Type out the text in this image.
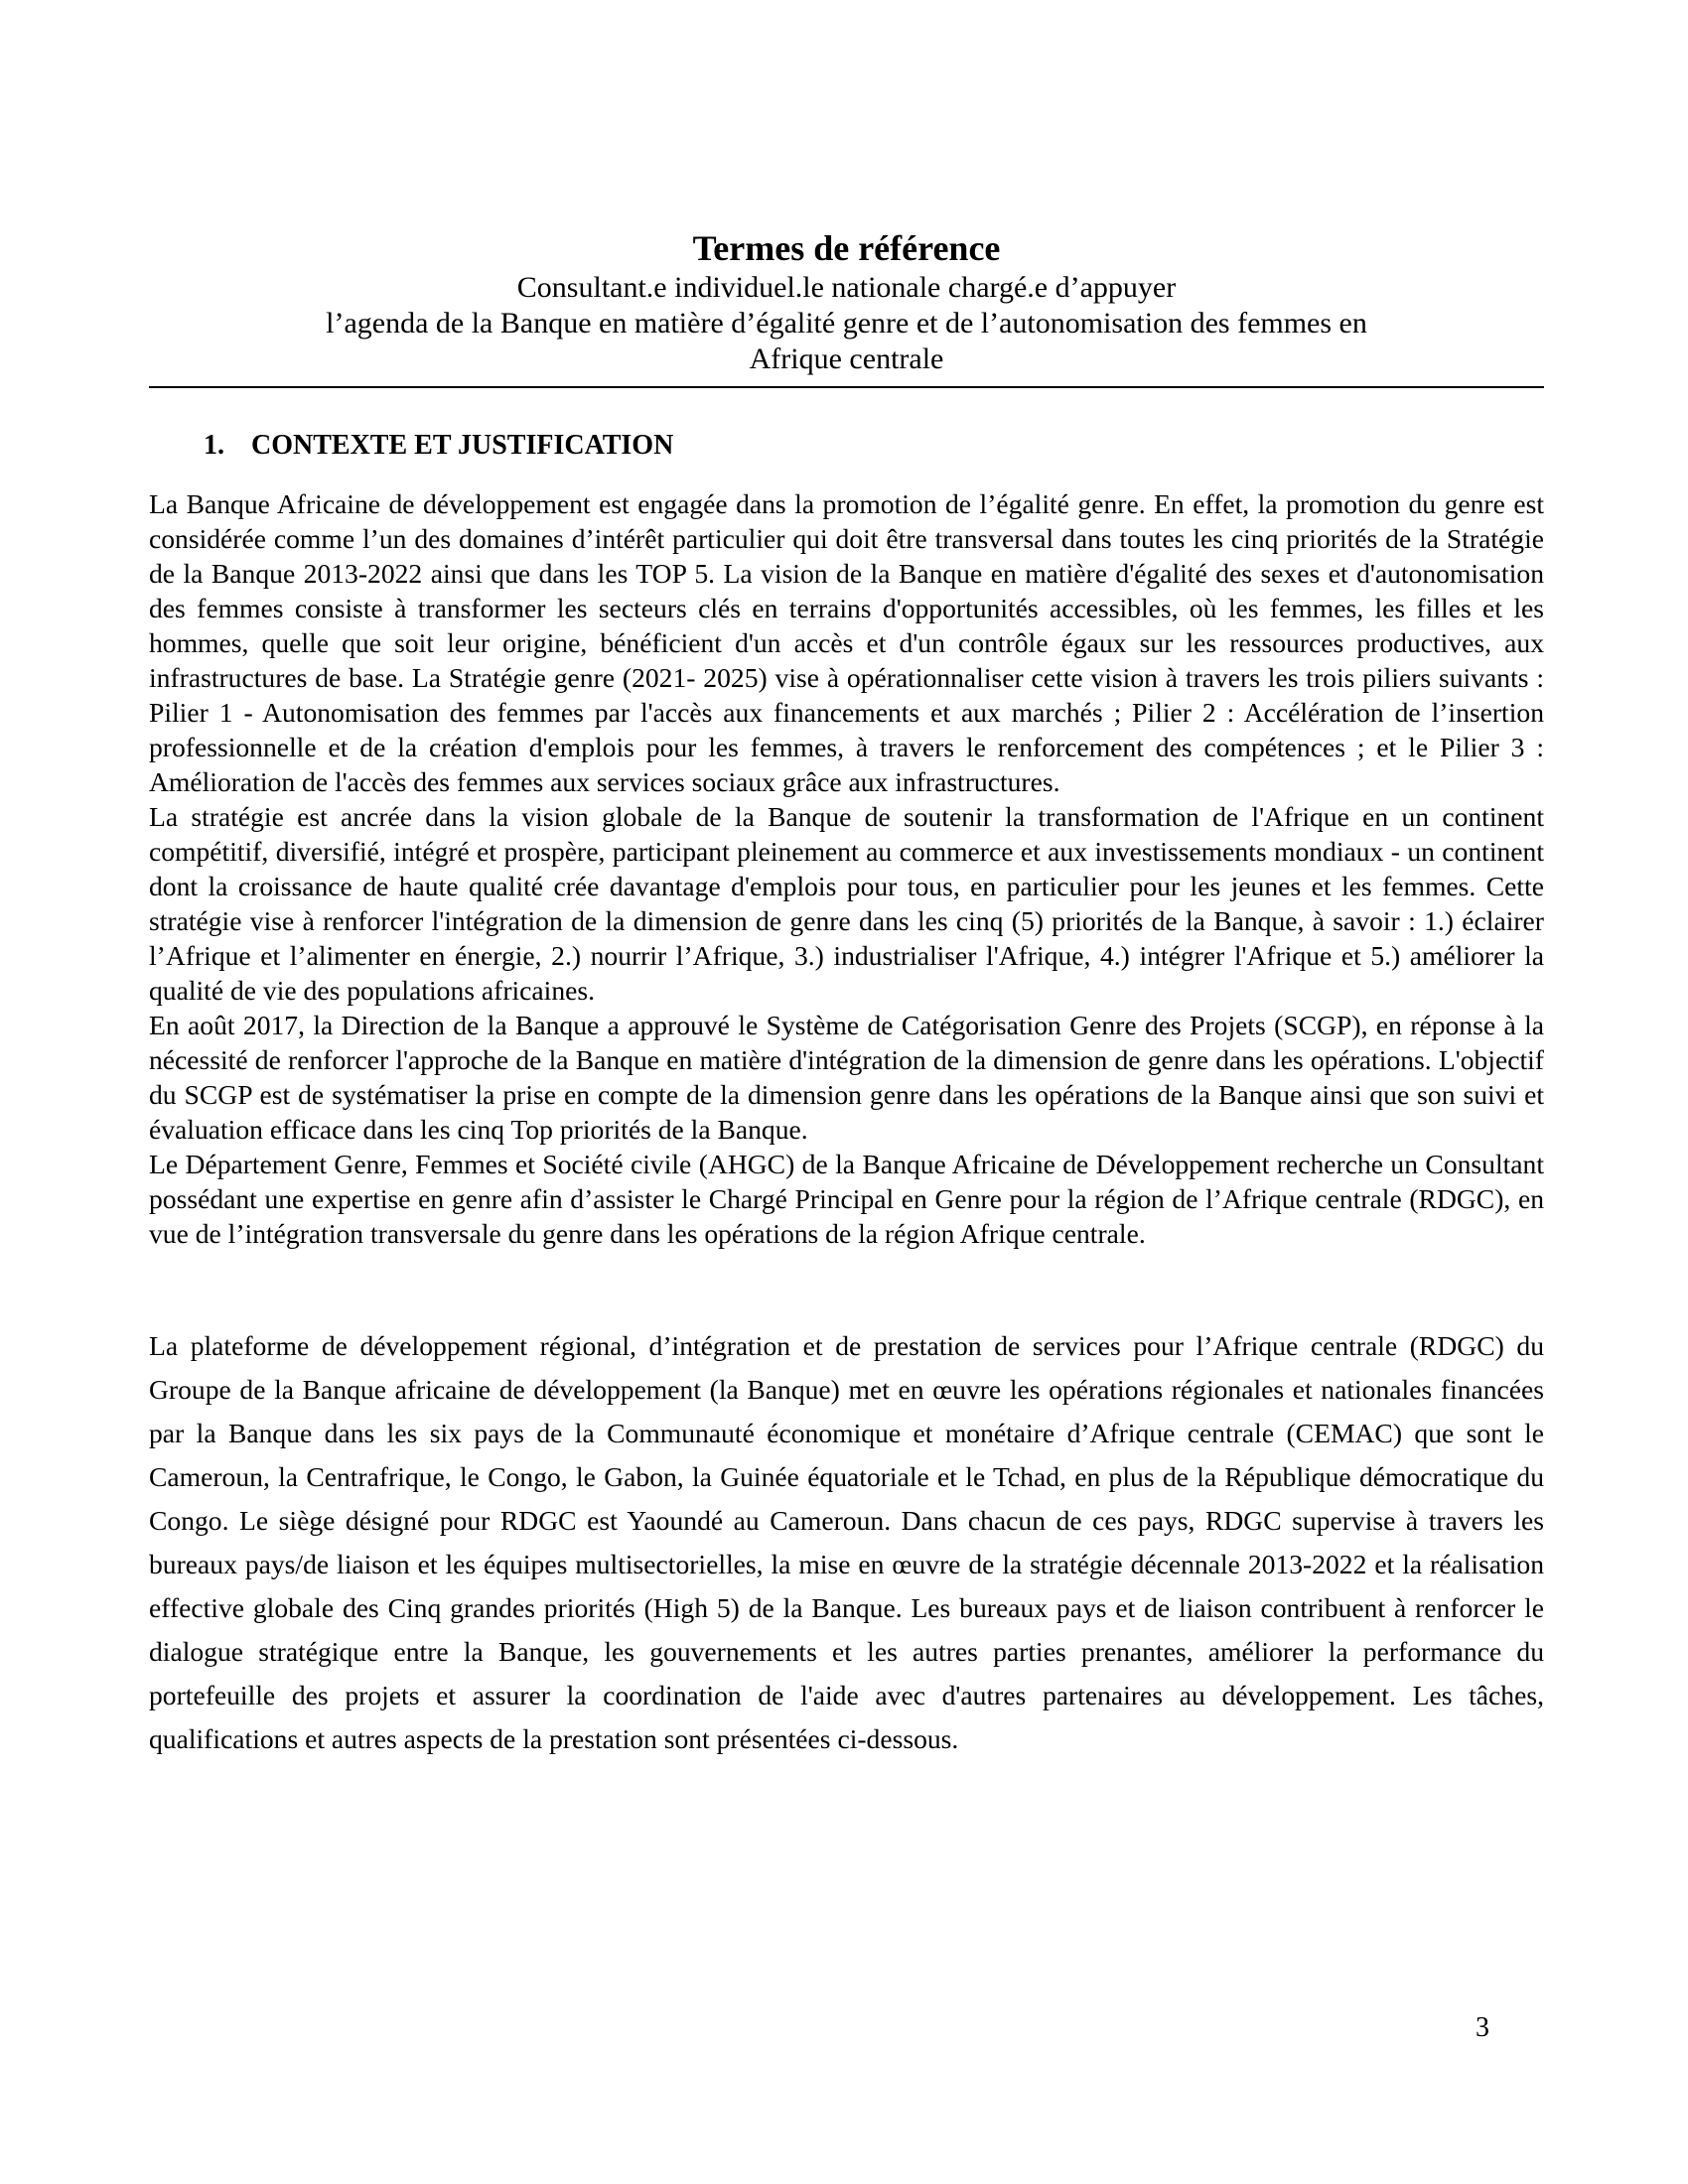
Termes de référence
Consultant.e individuel.le nationale chargé.e d’appuyer
l’agenda de la Banque en matière d’égalité genre et de l’autonomisation des femmes en
Afrique centrale
1. CONTEXTE ET JUSTIFICATION

La Banque Africaine de développement est engagée dans la promotion de l’égalité genre. En effet, la promotion du genre est considérée comme l’un des domaines d’intérêt particulier qui doit être transversal dans toutes les cinq priorités de la Stratégie de la Banque 2013-2022 ainsi que dans les TOP 5. La vision de la Banque en matière d'égalité des sexes et d'autonomisation des femmes consiste à transformer les secteurs clés en terrains d'opportunités accessibles, où les femmes, les filles et les hommes, quelle que soit leur origine, bénéficient d'un accès et d'un contrôle égaux sur les ressources productives, aux infrastructures de base. La Stratégie genre (2021- 2025) vise à opérationnaliser cette vision à travers les trois piliers suivants : Pilier 1 - Autonomisation des femmes par l'accès aux financements et aux marchés ; Pilier 2 : Accélération de l’insertion professionnelle et de la création d'emplois pour les femmes, à travers le renforcement des compétences ; et le Pilier 3 : Amélioration de l'accès des femmes aux services sociaux grâce aux infrastructures.

La stratégie est ancrée dans la vision globale de la Banque de soutenir la transformation de l'Afrique en un continent compétitif, diversifié, intégré et prospère, participant pleinement au commerce et aux investissements mondiaux - un continent dont la croissance de haute qualité crée davantage d'emplois pour tous, en particulier pour les jeunes et les femmes. Cette stratégie vise à renforcer l'intégration de la dimension de genre dans les cinq (5) priorités de la Banque, à savoir : 1.) éclairer l’Afrique et l’alimenter en énergie, 2.) nourrir l’Afrique, 3.) industrialiser l'Afrique, 4.) intégrer l'Afrique et 5.) améliorer la qualité de vie des populations africaines.

En août 2017, la Direction de la Banque a approuvé le Système de Catégorisation Genre des Projets (SCGP), en réponse à la nécessité de renforcer l'approche de la Banque en matière d'intégration de la dimension de genre dans les opérations. L'objectif du SCGP est de systématiser la prise en compte de la dimension genre dans les opérations de la Banque ainsi que son suivi et évaluation efficace dans les cinq Top priorités de la Banque.

Le Département Genre, Femmes et Société civile (AHGC) de la Banque Africaine de Développement recherche un Consultant possédant une expertise en genre afin d’assister le Chargé Principal en Genre pour la région de l’Afrique centrale (RDGC), en vue de l’intégration transversale du genre dans les opérations de la région Afrique centrale.

La plateforme de développement régional, d’intégration et de prestation de services pour l’Afrique centrale (RDGC) du Groupe de la Banque africaine de développement (la Banque) met en œuvre les opérations régionales et nationales financées par la Banque dans les six pays de la Communauté économique et monétaire d’Afrique centrale (CEMAC) que sont le Cameroun, la Centrafrique, le Congo, le Gabon, la Guinée équatoriale et le Tchad, en plus de la République démocratique du Congo. Le siège désigné pour RDGC est Yaoundé au Cameroun. Dans chacun de ces pays, RDGC supervise à travers les bureaux pays/de liaison et les équipes multisectorielles, la mise en œuvre de la stratégie décennale 2013-2022 et la réalisation effective globale des Cinq grandes priorités (High 5) de la Banque. Les bureaux pays et de liaison contribuent à renforcer le dialogue stratégique entre la Banque, les gouvernements et les autres parties prenantes, améliorer la performance du portefeuille des projets et assurer la coordination de l'aide avec d'autres partenaires au développement. Les tâches, qualifications et autres aspects de la prestation sont présentées ci-dessous.

3
